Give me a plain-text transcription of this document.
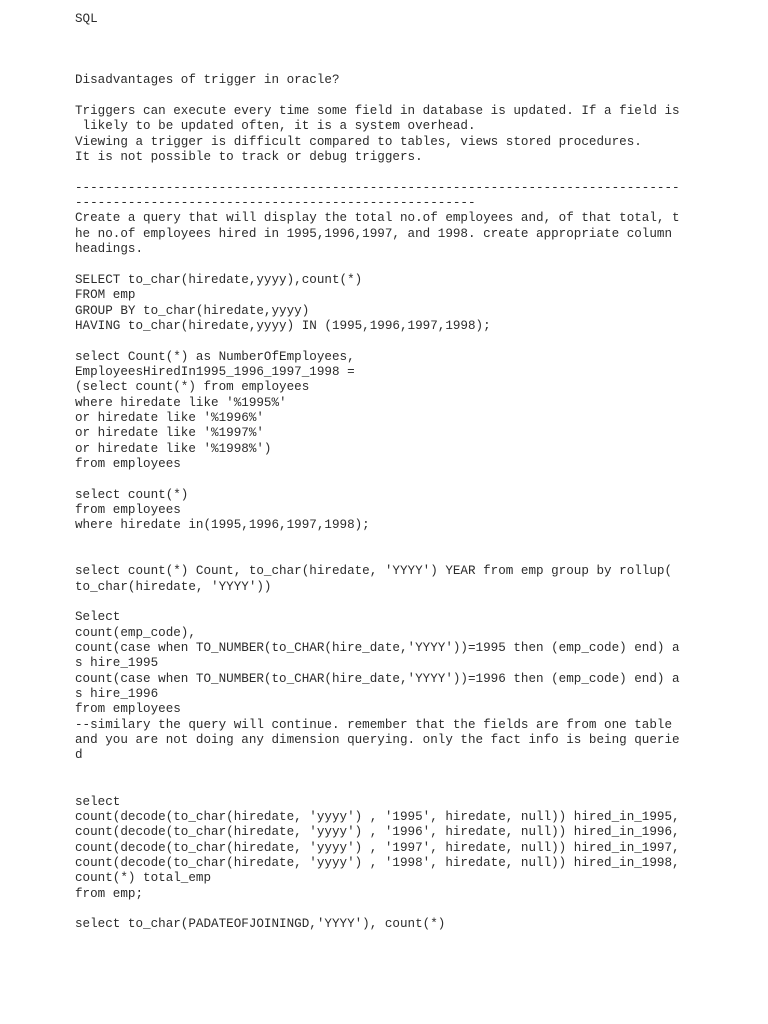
SQL
Disadvantages of trigger in oracle?
Triggers can execute every time some field in database is updated. If a field is
likely to be updated often, it is a system overhead.
Viewing a trigger is difficult compared to tables, views stored procedures.
It is not possible to track or debug triggers.
--------------------------------------------------------------------------------
-----------------------------------------------------
Create a query that will display the total no.of employees and, of that total, t
he no.of employees hired in 1995,1996,1997, and 1998. create appropriate column
headings.
SELECT to_char(hiredate,yyyy),count(*)
FROM emp
GROUP BY to_char(hiredate,yyyy)
HAVING to_char(hiredate,yyyy) IN (1995,1996,1997,1998);
select Count(*) as NumberOfEmployees,
EmployeesHiredIn1995_1996_1997_1998 =
(select count(*) from employees
where hiredate like '%1995%'
or hiredate like '%1996%'
or hiredate like '%1997%'
or hiredate like '%1998%')
from employees
select count(*)
from employees
where hiredate in(1995,1996,1997,1998);
select count(*) Count, to_char(hiredate, 'YYYY') YEAR from emp group by rollup(
to_char(hiredate, 'YYYY'))
Select
count(emp_code),
count(case when TO_NUMBER(to_CHAR(hire_date,'YYYY'))=1995 then (emp_code) end) a
s hire_1995
count(case when TO_NUMBER(to_CHAR(hire_date,'YYYY'))=1996 then (emp_code) end) a
s hire_1996
from employees
--similary the query will continue. remember that the fields are from one table
and you are not doing any dimension querying. only the fact info is being querie
d
select
count(decode(to_char(hiredate, 'yyyy') , '1995', hiredate, null)) hired_in_1995,
count(decode(to_char(hiredate, 'yyyy') , '1996', hiredate, null)) hired_in_1996,
count(decode(to_char(hiredate, 'yyyy') , '1997', hiredate, null)) hired_in_1997,
count(decode(to_char(hiredate, 'yyyy') , '1998', hiredate, null)) hired_in_1998,
count(*) total_emp
from emp;
select to_char(PADATEOFJOININGD,'YYYY'), count(*)
